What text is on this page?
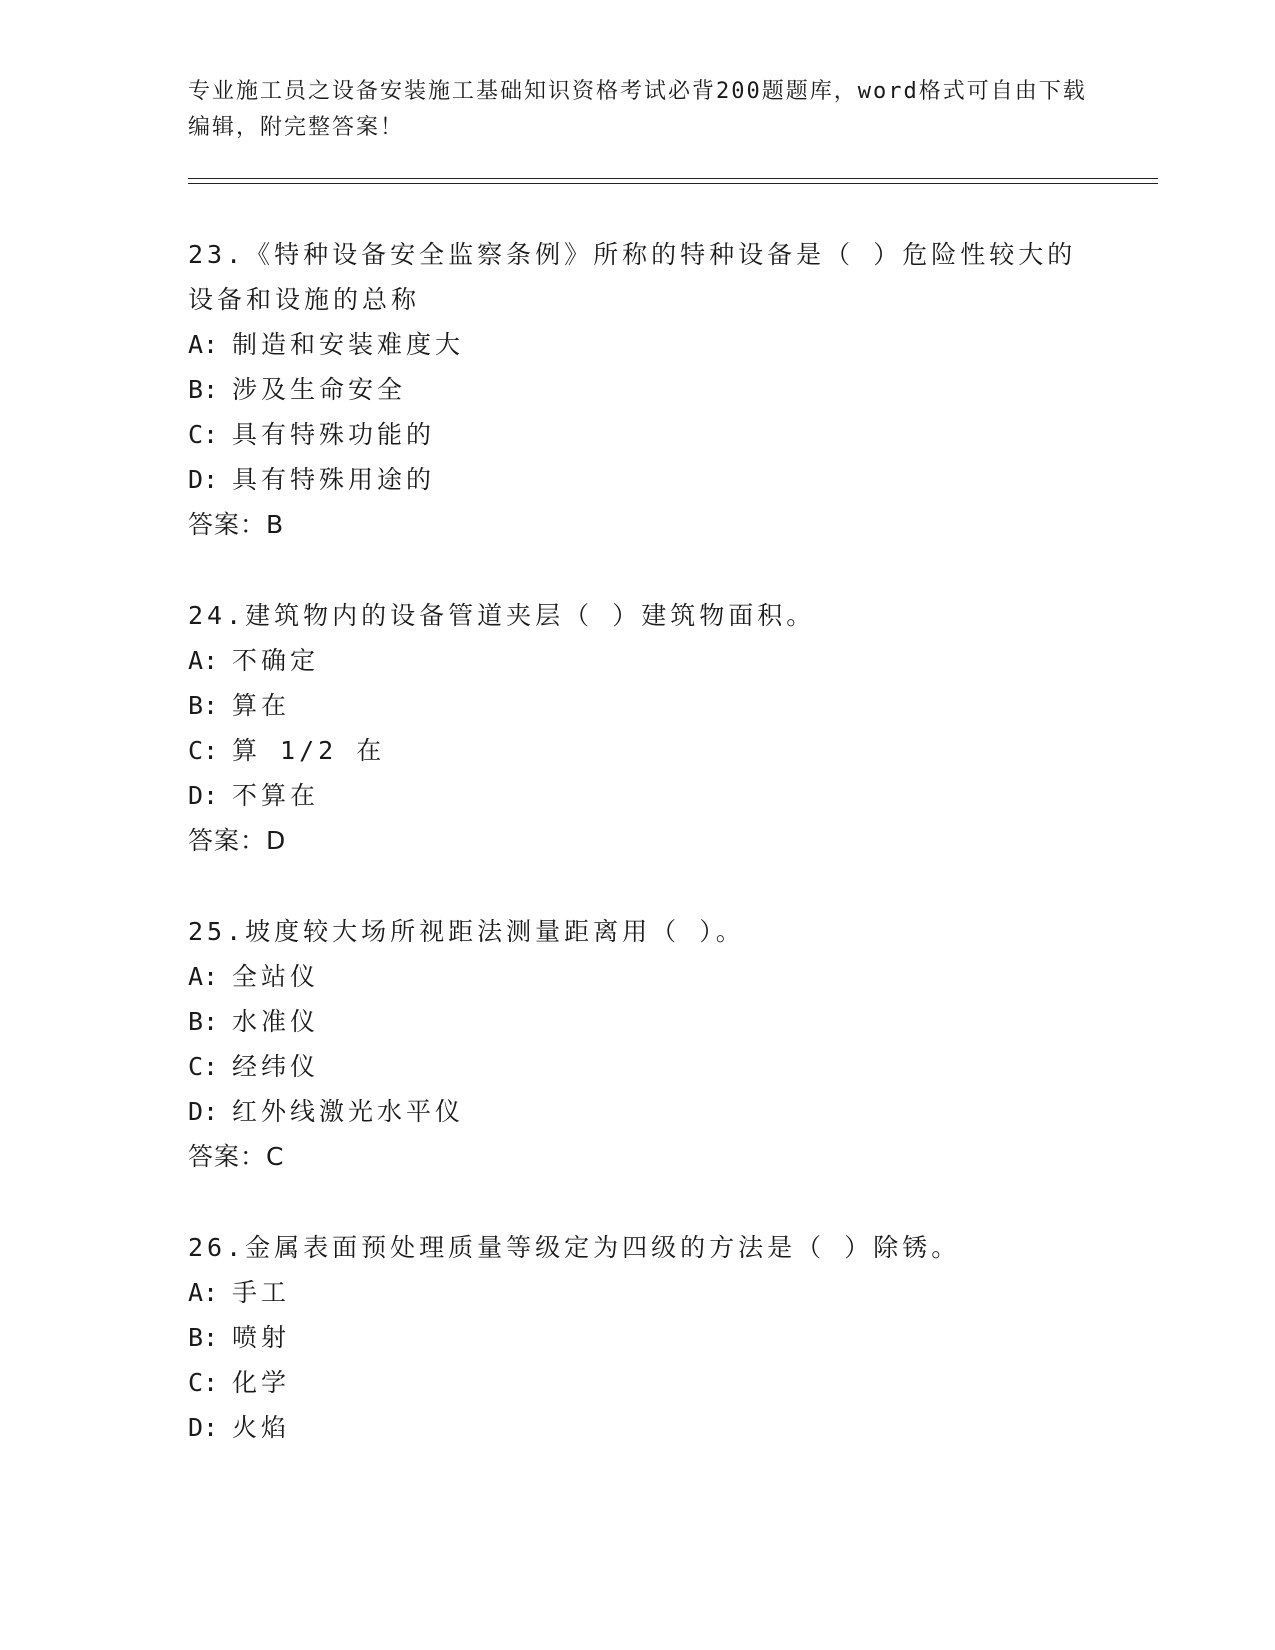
专业施工员之设备安装施工基础知识资格考试必背200题题库，word格式可自由下载编辑，附完整答案！
23.《特种设备安全监察条例》所称的特种设备是（ ）危险性较大的设备和设施的总称
A: 制造和安装难度大
B: 涉及生命安全
C: 具有特殊功能的
D: 具有特殊用途的
答案：B
24.建筑物内的设备管道夹层（ ）建筑物面积。
A: 不确定
B: 算在
C: 算 1/2 在
D: 不算在
答案：D
25.坡度较大场所视距法测量距离用（ ）。
A: 全站仪
B: 水准仪
C: 经纬仪
D: 红外线激光水平仪
答案：C
26.金属表面预处理质量等级定为四级的方法是（ ）除锈。
A: 手工
B: 喷射
C: 化学
D: 火焰
